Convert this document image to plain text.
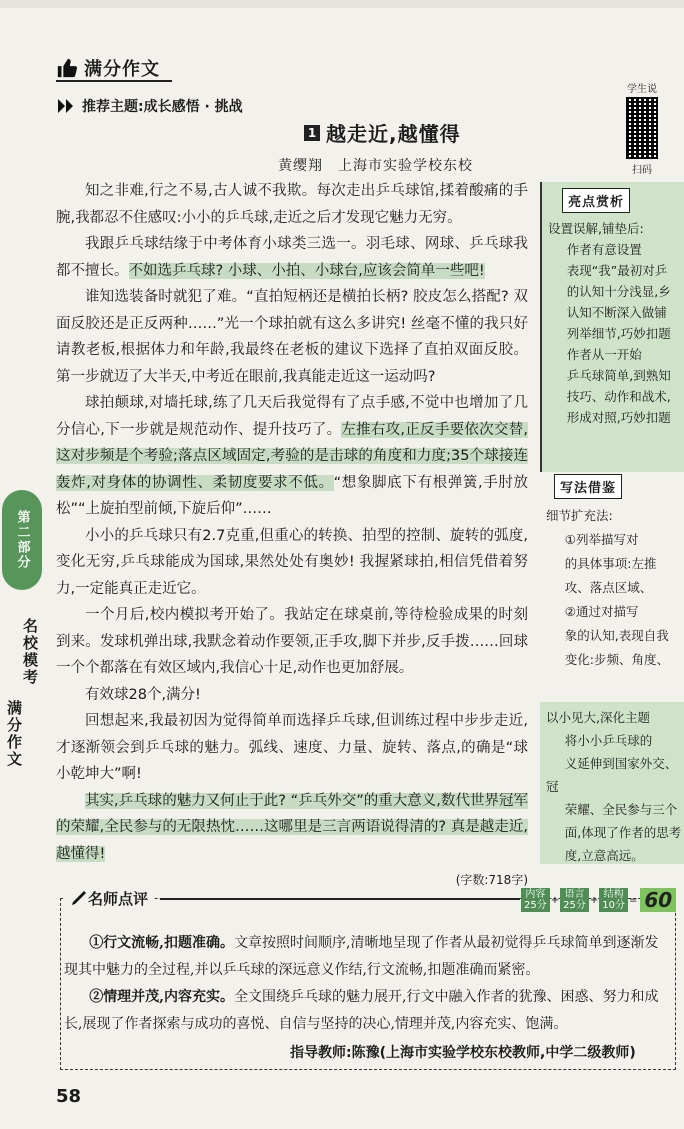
满分作文
推荐主题:成长感悟 · 挑战
学生说
扫码
1 越走近,越懂得
黄缨翔　上海市实验学校东校

知之非难,行之不易,古人诚不我欺。每次走出乒乓球馆,揉着酸痛的手腕,我都忍不住感叹:小小的乒乓球,走近之后才发现它魅力无穷。

我跟乒乓球结缘于中考体育小球类三选一。羽毛球、网球、乒乓球我都不擅长。不如选乒乓球? 小球、小拍、小球台,应该会简单一些吧!

谁知选装备时就犯了难。“直拍短柄还是横拍长柄? 胶皮怎么搭配? 双面反胶还是正反两种……”光一个球拍就有这么多讲究! 丝毫不懂的我只好请教老板,根据体力和年龄,我最终在老板的建议下选择了直拍双面反胶。第一步就迈了大半天,中考近在眼前,我真能走近这一运动吗?

球拍颠球,对墙托球,练了几天后我觉得有了点手感,不觉中也增加了几分信心,下一步就是规范动作、提升技巧了。左推右攻,正反手要依次交替,这对步频是个考验;落点区域固定,考验的是击球的角度和力度;35个球接连轰炸,对身体的协调性、柔韧度要求不低。“想象脚底下有根弹簧,手肘放松”“上旋拍型前倾,下旋后仰”……

小小的乒乓球只有2.7克重,但重心的转换、拍型的控制、旋转的弧度,变化无穷,乒乓球能成为国球,果然处处有奥妙! 我握紧球拍,相信凭借着努力,一定能真正走近它。

一个月后,校内模拟考开始了。我站定在球桌前,等待检验成果的时刻到来。发球机弹出球,我默念着动作要领,正手攻,脚下并步,反手拨……回球一个个都落在有效区域内,我信心十足,动作也更加舒展。

有效球28个,满分!

回想起来,我最初因为觉得简单而选择乒乓球,但训练过程中步步走近,才逐渐领会到乒乓球的魅力。弧线、速度、力量、旋转、落点,的确是“球小乾坤大”啊!

其实,乒乓球的魅力又何止于此? “乒乓外交”的重大意义,数代世界冠军的荣耀,全民参与的无限热忱……这哪里是三言两语说得清的? 真是越走近,越懂得!

(字数:718字)
亮点赏析
设置误解,铺垫后:
作者有意设置
表现“我”最初对乒
的认知十分浅显,乡
认知不断深入做铺
列举细节,巧妙扣题
作者从一开始
乒乓球简单,到熟知
技巧、动作和战术,
形成对照,巧妙扣题
写法借鉴
细节扩充法:
①列举描写对
的具体事项:左推
攻、落点区域、
②通过对描写
象的认知,表现自我
变化:步频、角度、
以小见大,深化主题
将小小乒乓球的
义延伸到国家外交、冠
荣耀、全民参与三个
面,体现了作者的思考
度,立意高远。
第二部分
名校模考
满分作文
名师点评	内容
25分 + 语言
25分 + 结构
10分 = 60

①行文流畅,扣题准确。文章按照时间顺序,清晰地呈现了作者从最初觉得乒乓球简单到逐渐发现其中魅力的全过程,并以乒乓球的深远意义作结,行文流畅,扣题准确而紧密。

②情理并茂,内容充实。全文围绕乒乓球的魅力展开,行文中融入作者的犹豫、困惑、努力和成长,展现了作者探索与成功的喜悦、自信与坚持的决心,情理并茂,内容充实、饱满。

指导教师:陈豫(上海市实验学校东校教师,中学二级教师)
58
